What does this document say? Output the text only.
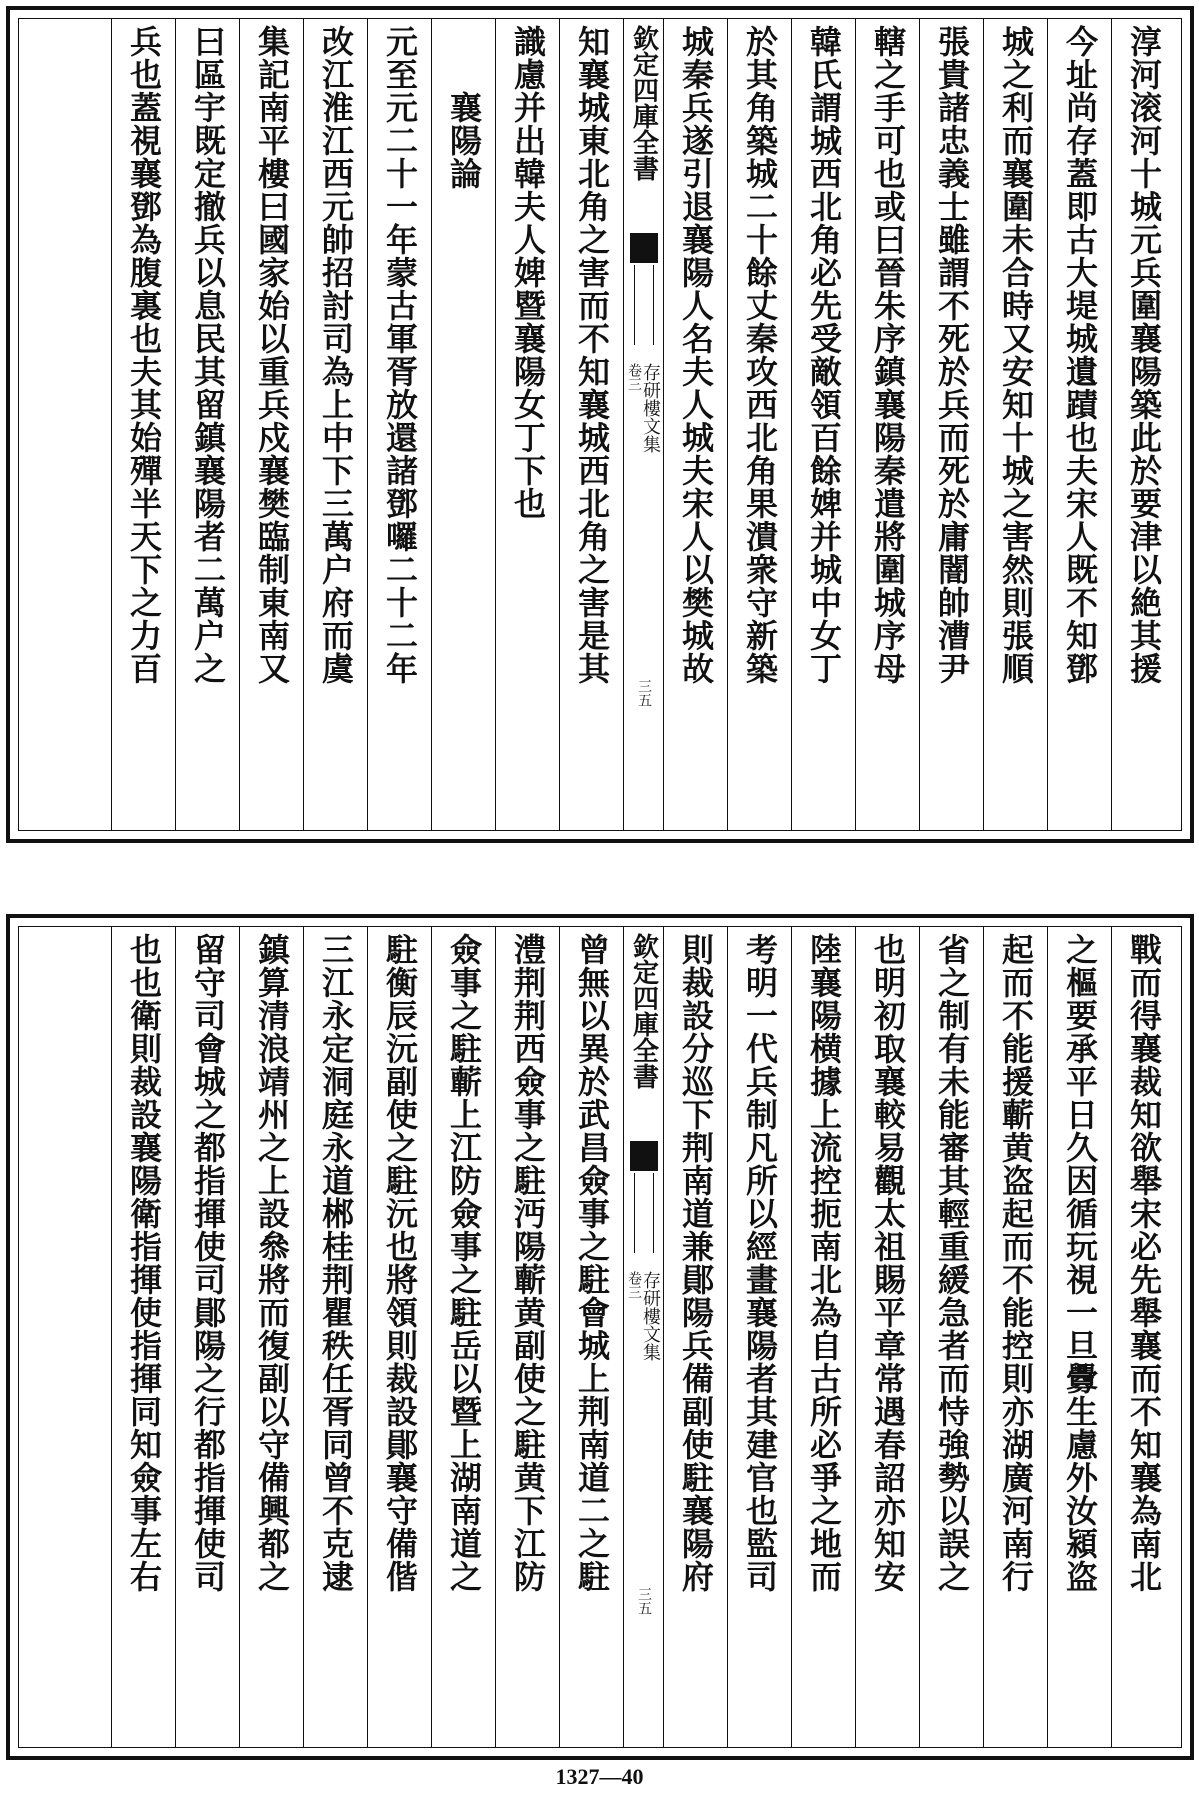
淳河滚河十城元兵圍襄陽築此於要津以絶其援
今址尚存蓋即古大堤城遺蹟也夫宋人既不知鄧
城之利而襄圍未合時又安知十城之害然則張順
張貴諸忠義士雖謂不死於兵而死於庸闇帥漕尹
轄之手可也或曰晉朱序鎮襄陽秦遣將圍城序母
韓氏謂城西北角必先受敵領百餘婢并城中女丁
於其角築城二十餘丈秦攻西北角果潰衆守新築
城秦兵遂引退襄陽人名夫人城夫宋人以樊城故
欽定四庫全書
存研樓文集
卷三
三五
知襄城東北角之害而不知襄城西北角之害是其
識慮并出韓夫人婢暨襄陽女丁下也
　　襄陽論
元至元二十一年蒙古軍胥放還諸鄧囉二十二年
改江淮江西元帥招討司為上中下三萬户府而虞
集記南平樓曰國家始以重兵戍襄樊臨制東南又
曰區宇既定撤兵以息民其留鎮襄陽者二萬户之
兵也蓋視襄鄧為腹裏也夫其始殫半天下之力百
戰而得襄裁知欲舉宋必先舉襄而不知襄為南北
之樞要承平日久因循玩視一旦釁生慮外汝潁盗
起而不能援蘄黄盗起而不能控則亦湖廣河南行
省之制有未能審其輕重緩急者而恃強勢以誤之
也明初取襄較易觀太祖賜平章常遇春詔亦知安
陸襄陽横據上流控扼南北為自古所必爭之地而
考明一代兵制凡所以經畫襄陽者其建官也監司
則裁設分巡下荆南道兼鄖陽兵備副使駐襄陽府
欽定四庫全書
存研樓文集
卷三
三五
曾無以異於武昌僉事之駐會城上荆南道二之駐
澧荆荆西僉事之駐沔陽蘄黄副使之駐黄下江防
僉事之駐蘄上江防僉事之駐岳以暨上湖南道之
駐衡辰沅副使之駐沅也將領則裁設鄖襄守備偕
三江永定洞庭永道郴桂荆瞿秩任胥同曾不克逮
鎮算清浪靖州之上設叅將而復副以守備興都之
留守司會城之都指揮使司鄖陽之行都指揮使司
也也衛則裁設襄陽衛指揮使指揮同知僉事左右
1327—40
